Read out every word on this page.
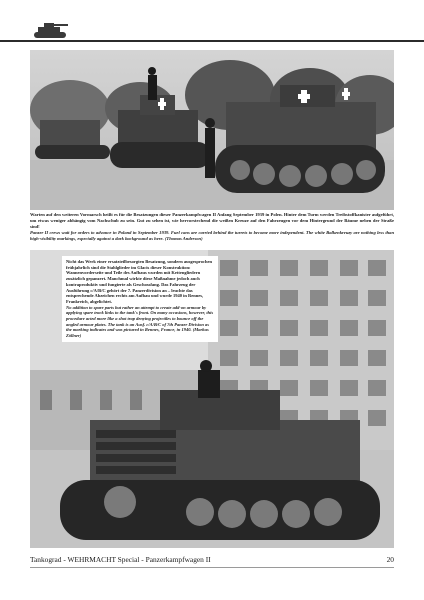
Warten auf den weiteren Vormarsch heißt es für die Besatzungen dieser Panzerkampfwagen II Anfang September 1939 in Polen. Hinter dem Turm werden Treibstoffkanister aufgeführt, um etwas weniger abhängig vom Nachschub zu sein. Gut zu sehen ist, wie hervorstechend die weißen Kreuze auf den Fahrzeugen vor dem Hintergrund der Bäume neben der Straße sind!

Panzer II crews wait for orders to advance in Poland in September 1939. Fuel cans are carried behind the turrets to become more independent. The white Balkenkreuzy are nothing less than high-visibility markings, especially against a dark background as here. (Thomas Anderson)

Nicht das Werk einer ersatzteilbesorgten Besatzung, sondern ausgesprochen frühjahrlich sind die Stahlglieder im Glacis dieser Konstruktion: Wannenvorderseite und Teile des Aufbaus wurden mit Kettengliedern zusätzlich gepanzert. Manchmal wirkte diese Maßnahme jedoch auch kontraproduktiv und fungierte als Geschossfang. Das Fahrzeug der Ausführung c/A/B/C gehört der 7. Panzerdivision an – leuchte das entsprechende Abzeichen rechts am Aufbau und wurde 1940 in Rennes, Frankreich, abgelichtet.

No addition to spare parts but rather an attempt to create add-on armour by applying spare track links to the tank's front. On many occasions, however, this procedure acted more like a shot trap denying projectiles to bounce off the angled armour plates. The tank is an Ausf. c/A/B/C of 7th Panzer Division as the marking indicates and was pictured in Rennes, France, in 1940. (Markus Zöllner)

Tankograd - WEHRMACHT Special - Panzerkampfwagen II	20
